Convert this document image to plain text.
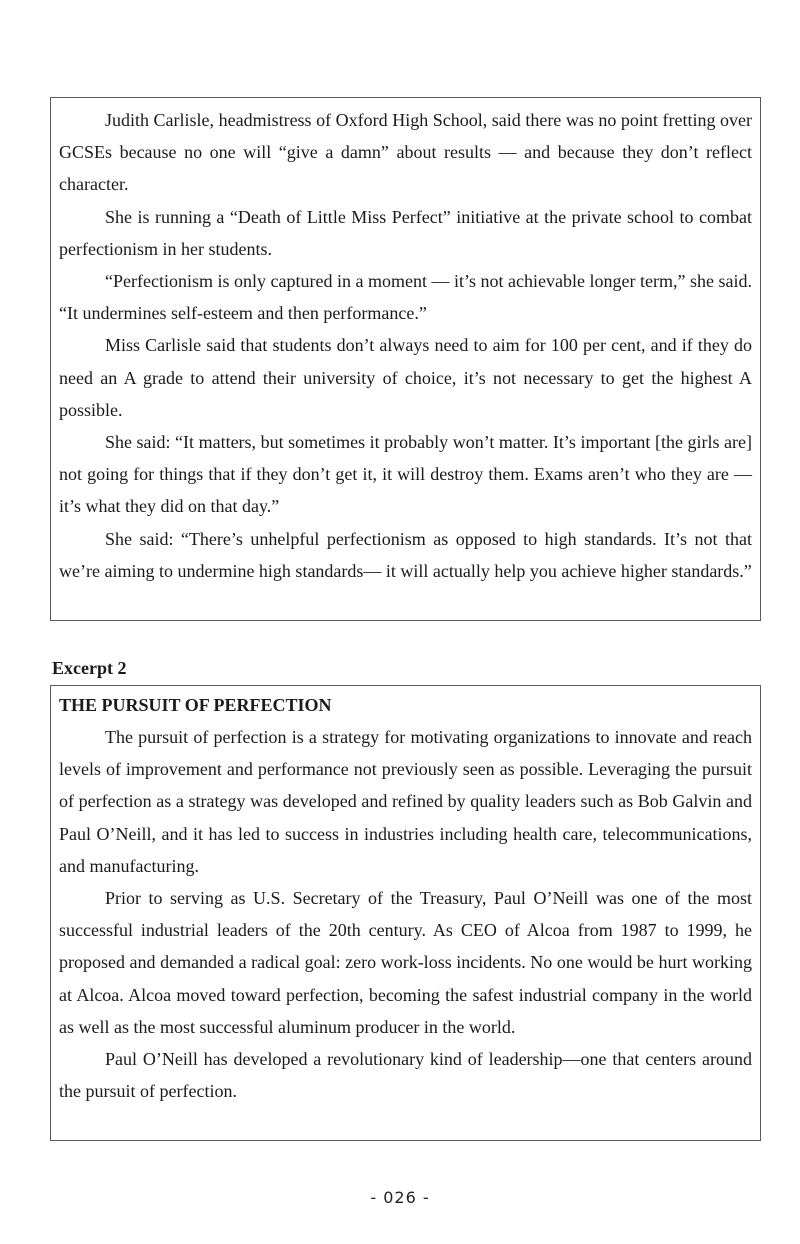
Judith Carlisle, headmistress of Oxford High School, said there was no point fretting over GCSEs because no one will “give a damn” about results — and because they don’t reflect character.

She is running a “Death of Little Miss Perfect” initiative at the private school to combat perfectionism in her students.

“Perfectionism is only captured in a moment — it’s not achievable longer term,” she said. “It undermines self-esteem and then performance.”

Miss Carlisle said that students don’t always need to aim for 100 per cent, and if they do need an A grade to attend their university of choice, it’s not necessary to get the highest A possible.

She said: “It matters, but sometimes it probably won’t matter. It’s important [the girls are] not going for things that if they don’t get it, it will destroy them. Exams aren’t who they are — it’s what they did on that day.”

She said: “There’s unhelpful perfectionism as opposed to high standards. It’s not that we’re aiming to undermine high standards— it will actually help you achieve higher standards.”

Excerpt 2

THE PURSUIT OF PERFECTION

The pursuit of perfection is a strategy for motivating organizations to innovate and reach levels of improvement and performance not previously seen as possible. Leveraging the pursuit of perfection as a strategy was developed and refined by quality leaders such as Bob Galvin and Paul O’Neill, and it has led to success in industries including health care, telecommunications, and manufacturing.

Prior to serving as U.S. Secretary of the Treasury, Paul O’Neill was one of the most successful industrial leaders of the 20th century. As CEO of Alcoa from 1987 to 1999, he proposed and demanded a radical goal: zero work-loss incidents. No one would be hurt working at Alcoa. Alcoa moved toward perfection, becoming the safest industrial company in the world as well as the most successful aluminum producer in the world.

Paul O’Neill has developed a revolutionary kind of leadership—one that centers around the pursuit of perfection.

- 026 -
